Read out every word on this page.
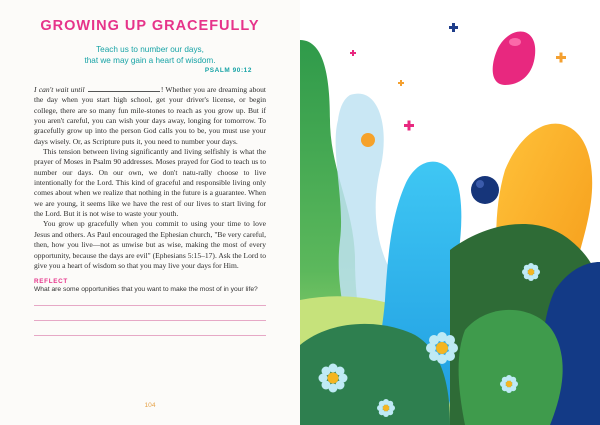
GROWING UP GRACEFULLY
Teach us to number our days,
that we may gain a heart of wisdom.
PSALM 90:12

I can't wait until	! Whether you are dreaming about the day when you start high school, get your driver's license, or begin college, there are so many fun mile-stones to reach as you grow up. But if you aren't careful, you can wish your days away, longing for tomorrow. To gracefully grow up into the person God calls you to be, you must use your days wisely. Or, as Scripture puts it, you need to number your days.

This tension between living significantly and living selfishly is what the prayer of Moses in Psalm 90 addresses. Moses prayed for God to teach us to number our days. On our own, we don't natu-rally choose to live intentionally for the Lord. This kind of graceful and responsible living only comes about when we realize that nothing in the future is a guarantee. When we are young, it seems like we have the rest of our lives to start living for the Lord. But it is not wise to waste your youth.

You grow up gracefully when you commit to using your time to love Jesus and others. As Paul encouraged the Ephesian church, "Be very careful, then, how you live—not as unwise but as wise, making the most of every opportunity, because the days are evil" (Ephesians 5:15–17). Ask the Lord to give you a heart of wisdom so that you may live your days for Him.

REFLECT
What are some opportunities that you want to make the most of in your life?
104
